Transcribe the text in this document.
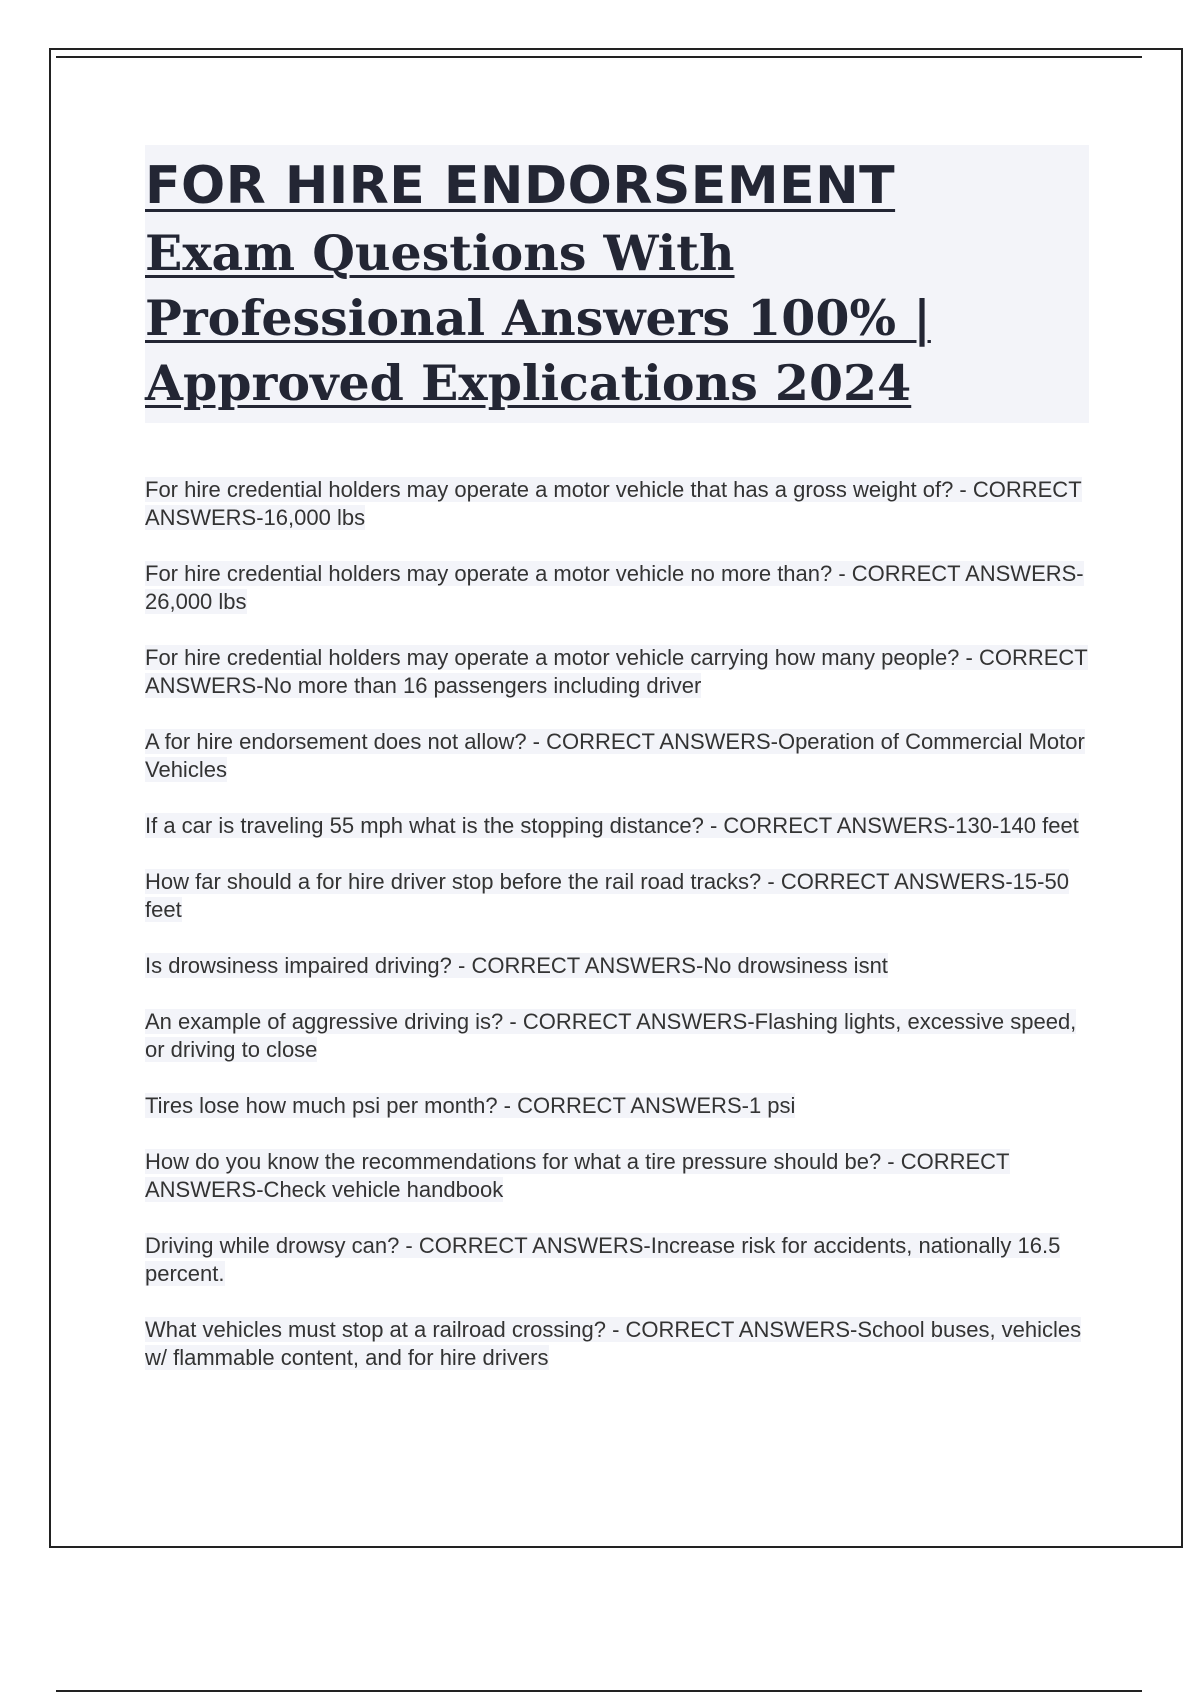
FOR HIRE ENDORSEMENT
Exam Questions With Professional Answers 100% | Approved Explications 2024

For hire credential holders may operate a motor vehicle that has a gross weight of? - CORRECT ANSWERS-16,000 lbs

For hire credential holders may operate a motor vehicle no more than? - CORRECT ANSWERS-26,000 lbs

For hire credential holders may operate a motor vehicle carrying how many people? - CORRECT ANSWERS-No more than 16 passengers including driver

A for hire endorsement does not allow? - CORRECT ANSWERS-Operation of Commercial Motor Vehicles

If a car is traveling 55 mph what is the stopping distance? - CORRECT ANSWERS-130-140 feet

How far should a for hire driver stop before the rail road tracks? - CORRECT ANSWERS-15-50 feet

Is drowsiness impaired driving? - CORRECT ANSWERS-No drowsiness isnt

An example of aggressive driving is? - CORRECT ANSWERS-Flashing lights, excessive speed, or driving to close

Tires lose how much psi per month? - CORRECT ANSWERS-1 psi

How do you know the recommendations for what a tire pressure should be? - CORRECT ANSWERS-Check vehicle handbook

Driving while drowsy can? - CORRECT ANSWERS-Increase risk for accidents, nationally 16.5 percent.

What vehicles must stop at a railroad crossing? - CORRECT ANSWERS-School buses, vehicles w/ flammable content, and for hire drivers
